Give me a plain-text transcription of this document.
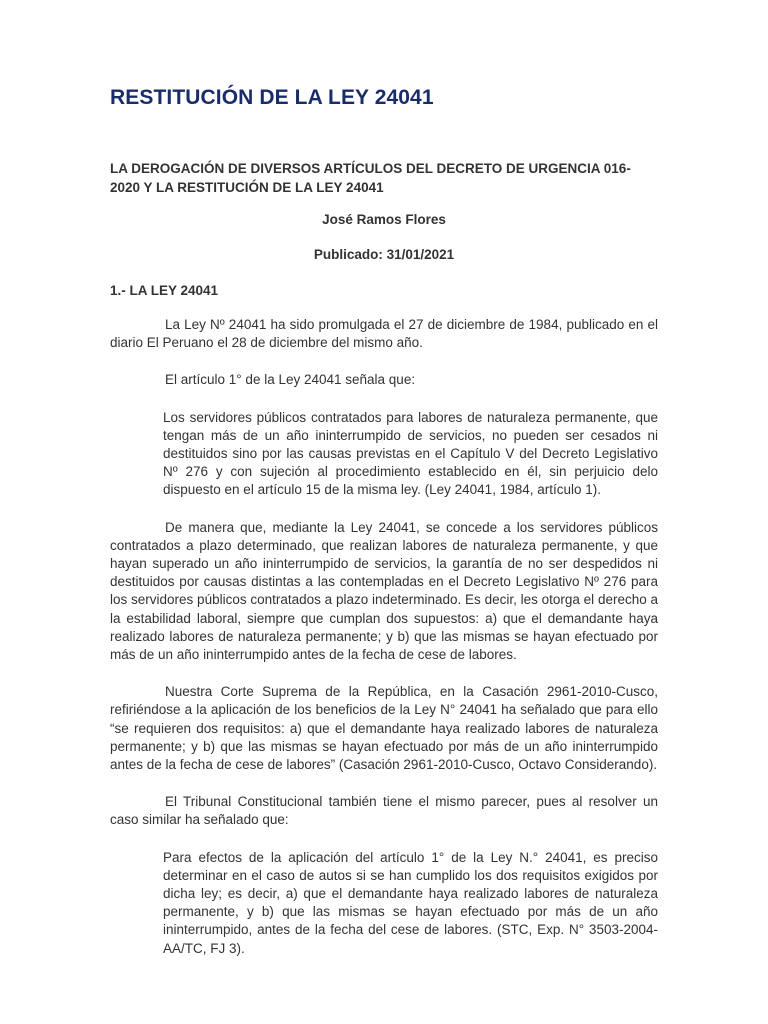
RESTITUCIÓN DE LA LEY 24041

LA DEROGACIÓN DE DIVERSOS ARTÍCULOS DEL DECRETO DE URGENCIA 016-2020 Y LA RESTITUCIÓN DE LA LEY 24041

José Ramos Flores

Publicado: 31/01/2021

1.- LA LEY 24041

La Ley Nº 24041 ha sido promulgada el 27 de diciembre de 1984, publicado en el diario El Peruano el 28 de diciembre del mismo año.

El artículo 1° de la Ley 24041 señala que:

Los servidores públicos contratados para labores de naturaleza permanente, que tengan más de un año ininterrumpido de servicios, no pueden ser cesados ni destituidos sino por las causas previstas en el Capítulo V del Decreto Legislativo Nº 276 y con sujeción al procedimiento establecido en él, sin perjuicio delo dispuesto en el artículo 15 de la misma ley. (Ley 24041, 1984, artículo 1).

De manera que, mediante la Ley 24041, se concede a los servidores públicos contratados a plazo determinado, que realizan labores de naturaleza permanente, y que hayan superado un año ininterrumpido de servicios, la garantía de no ser despedidos ni destituidos por causas distintas a las contempladas en el Decreto Legislativo Nº 276 para los servidores públicos contratados a plazo indeterminado. Es decir, les otorga el derecho a la estabilidad laboral, siempre que cumplan dos supuestos: a) que el demandante haya realizado labores de naturaleza permanente; y b) que las mismas se hayan efectuado por más de un año ininterrumpido antes de la fecha de cese de labores.

Nuestra Corte Suprema de la República, en la Casación 2961-2010-Cusco, refiriéndose a la aplicación de los beneficios de la Ley N° 24041 ha señalado que para ello “se requieren dos requisitos: a) que el demandante haya realizado labores de naturaleza permanente; y b) que las mismas se hayan efectuado por más de un año ininterrumpido antes de la fecha de cese de labores” (Casación 2961-2010-Cusco, Octavo Considerando).

El Tribunal Constitucional también tiene el mismo parecer, pues al resolver un caso similar ha señalado que:

Para efectos de la aplicación del artículo 1° de la Ley N.° 24041, es preciso determinar en el caso de autos si se han cumplido los dos requisitos exigidos por dicha ley; es decir, a) que el demandante haya realizado labores de naturaleza permanente, y b) que las mismas se hayan efectuado por más de un año ininterrumpido, antes de la fecha del cese de labores. (STC, Exp. N° 3503-2004-AA/TC, FJ 3).
